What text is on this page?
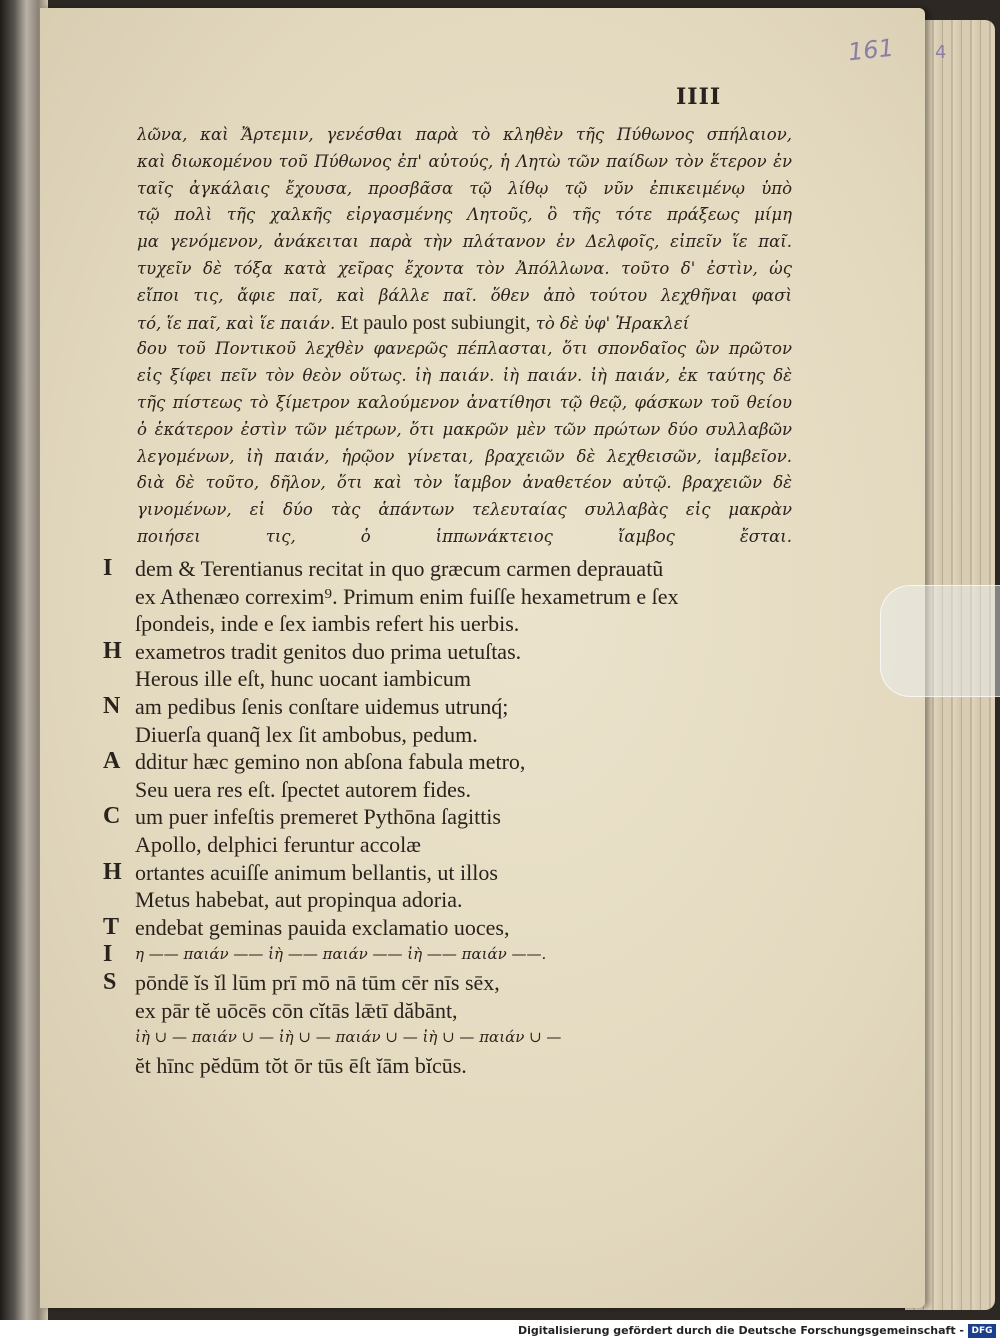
161 4
IIII
λῶνα, καὶ Ἄρτεμιν, γενέσθαι παρὰ τὸ κληθὲν τῆς Πύθωνος σπήλαιον,
καὶ διωκομένου τοῦ Πύθωνος ἐπ' αὐτούς, ἡ Λητὼ τῶν παίδων τὸν ἕτερον ἐν
ταῖς ἀγκάλαις ἔχουσα, προσβᾶσα τῷ λίθῳ τῷ νῦν ἐπικειμένῳ ὑπὸ
τῷ πολὶ τῆς χαλκῆς εἰργασμένης Λητοῦς, ὃ τῆς τότε πράξεως μίμη
μα γενόμενον, ἀνάκειται παρὰ τὴν πλάτανον ἐν Δελφοῖς, εἰπεῖν ἵε παῖ.
τυχεῖν δὲ τόξα κατὰ χεῖρας ἔχοντα τὸν Ἀπόλλωνα. τοῦτο δ' ἐστὶν, ὡς
εἴποι τις, ἄφιε παῖ, καὶ βάλλε παῖ. ὅθεν ἀπὸ τούτου λεχθῆναι φασὶ
τό, ἵε παῖ, καὶ ἵε παιάν. Et paulo post subiungit, τὸ δὲ ὑφ' Ἡρακλεί
δου τοῦ Ποντικοῦ λεχθὲν φανερῶς πέπλασται, ὅτι σπονδαῖος ὢν πρῶτον
εἰς ξίφει πεῖν τὸν θεὸν οὕτως. ἰὴ παιάν. ἰὴ παιάν. ἰὴ παιάν, ἐκ ταύτης δὲ
τῆς πίστεως τὸ ξίμετρον καλούμενον ἀνατίθησι τῷ θεῷ, φάσκων τοῦ θείου
ὁ ἑκάτερον ἐστὶν τῶν μέτρων, ὅτι μακρῶν μὲν τῶν πρώτων δύο συλλαβῶν
λεγομένων, ἰὴ παιάν, ἡρῷον γίνεται, βραχειῶν δὲ λεχθεισῶν, ἰαμβεῖον.
διὰ δὲ τοῦτο, δῆλον, ὅτι καὶ τὸν ἴαμβον ἀναθετέον αὐτῷ. βραχειῶν δὲ
γινομένων, εἰ δύο τὰς ἁπάντων τελευταίας συλλαβὰς εἰς μακρὰν
ποιήσει τις, ὁ ἱππωνάκτειος ἴαμβος ἔσται.
I dem & Terentianus recitat in quo græcum carmen deprauatũ
ex Athenæo correxim⁹. Primum enim fuiſſe hexametrum e ſex
ſpondeis, inde e ſex iambis refert his uerbis.
H exametros tradit genitos duo prima uetuſtas.
Herous ille eſt, hunc uocant iambicum
N am pedibus ſenis conſtare uidemus utrunq́;
Diuerſa quanq̃ lex ſit ambobus, pedum.
A dditur hæc gemino non abſona fabula metro,
Seu uera res eſt. ſpectet autorem fides.
C um puer infeſtis premeret Pythōna ſagittis
Apollo, delphici feruntur accolæ
H ortantes acuiſſe animum bellantis, ut illos
Metus habebat, aut propinqua adoria.
T endebat geminas pauida exclamatio uoces,
I η —— παιάν —— ἰὴ —— παιάν —— ἰὴ —— παιάν ——.
S pōndē ĭs ĭl lūm prī mō nā tūm cēr nīs sēx,
ex pār tĕ uōcēs cōn cĭtās lǣtī dăbānt,
ἰὴ ∪ — παιάν ∪ — ἰὴ ∪ — παιάν ∪ — ἰὴ ∪ — παιάν ∪ —
ĕt hīnc pĕdūm tŏt ōr tūs ēſt ĭām bĭcūs.
Digitalisierung gefördert durch die Deutsche Forschungsgemeinschaft - DFG
